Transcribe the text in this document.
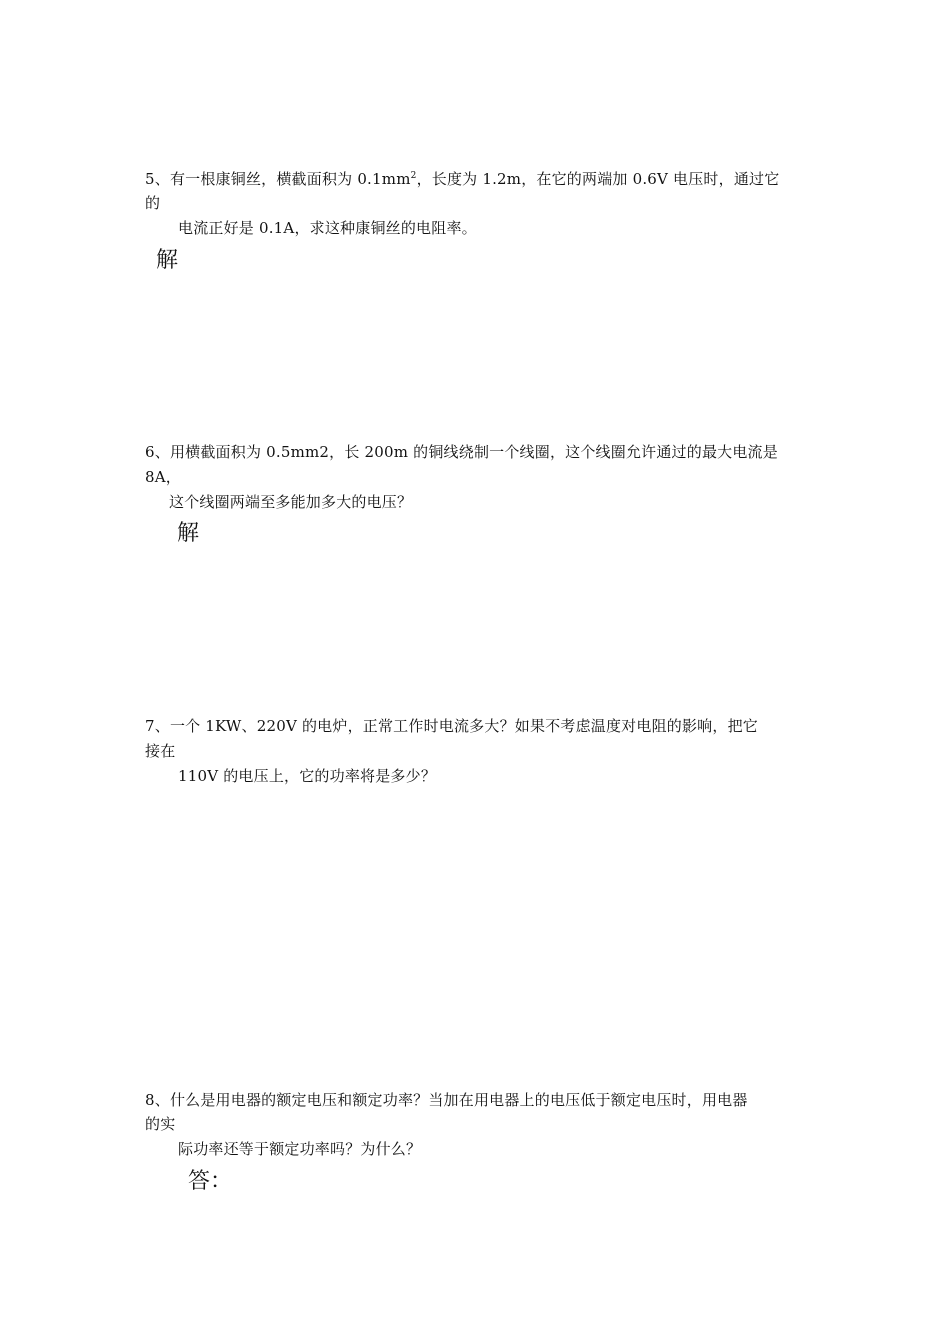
5、有一根康铜丝，横截面积为 $0.1mm^2$，长度为 1.2m，在它的两端加 0.6V 电压时，通过它
的
电流正好是 0.1A，求这种康铜丝的电阻率。
解
6、用横截面积为 0.5mm2，长 200m 的铜线绕制一个线圈，这个线圈允许通过的最大电流是
8A，
这个线圈两端至多能加多大的电压？
解
7、一个 1KW、220V 的电炉，正常工作时电流多大？如果不考虑温度对电阻的影响，把它
接在
110V 的电压上，它的功率将是多少？
8、什么是用电器的额定电压和额定功率？当加在用电器上的电压低于额定电压时，用电器
的实
际功率还等于额定功率吗？为什么？
答：
